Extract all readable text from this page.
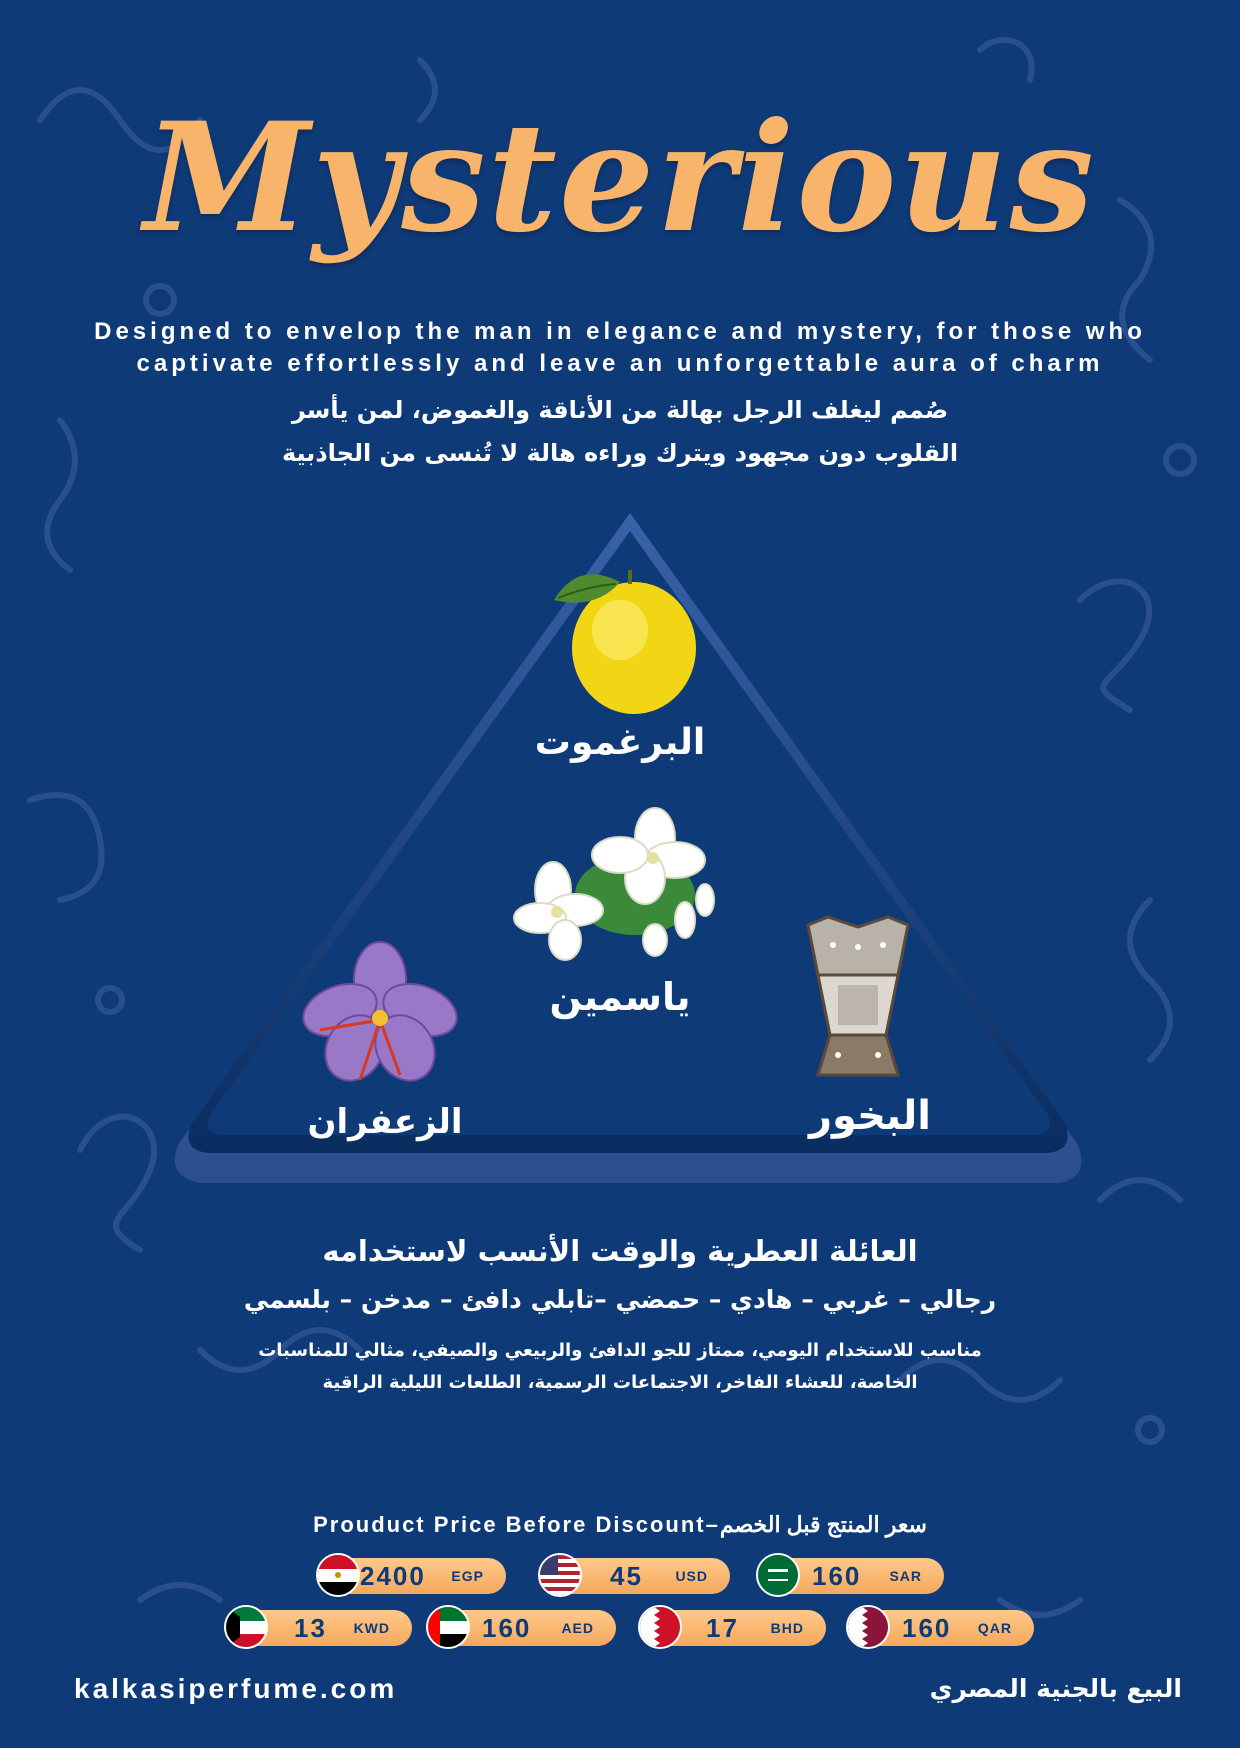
Mysterious
Designed to envelop the man in elegance and mystery, for those who
captivate effortlessly and leave an unforgettable aura of charm
صُمم ليغلف الرجل بهالة من الأناقة والغموض، لمن يأسر
القلوب دون مجهود ويترك وراءه هالة لا تُنسى من الجاذبية
البرغموت
ياسمين
الزعفران	البخور
العائلة العطرية والوقت الأنسب لاستخدامه
رجالي – غربي – هادي – حمضي –تابلي دافئ – مدخن – بلسمي
مناسب للاستخدام اليومي، ممتاز للجو الدافئ والربيعي والصيفي، مثالي للمناسبات
الخاصة، للعشاء الفاخر، الاجتماعات الرسمية، الطلعات الليلية الراقية
Prouduct Price Before Discount–سعر المنتج قبل الخصم
2400 EGP	45 USD	160 SAR
13 KWD	160 AED	17 BHD	160 QAR
kalkasiperfume.com	البيع بالجنية المصري
